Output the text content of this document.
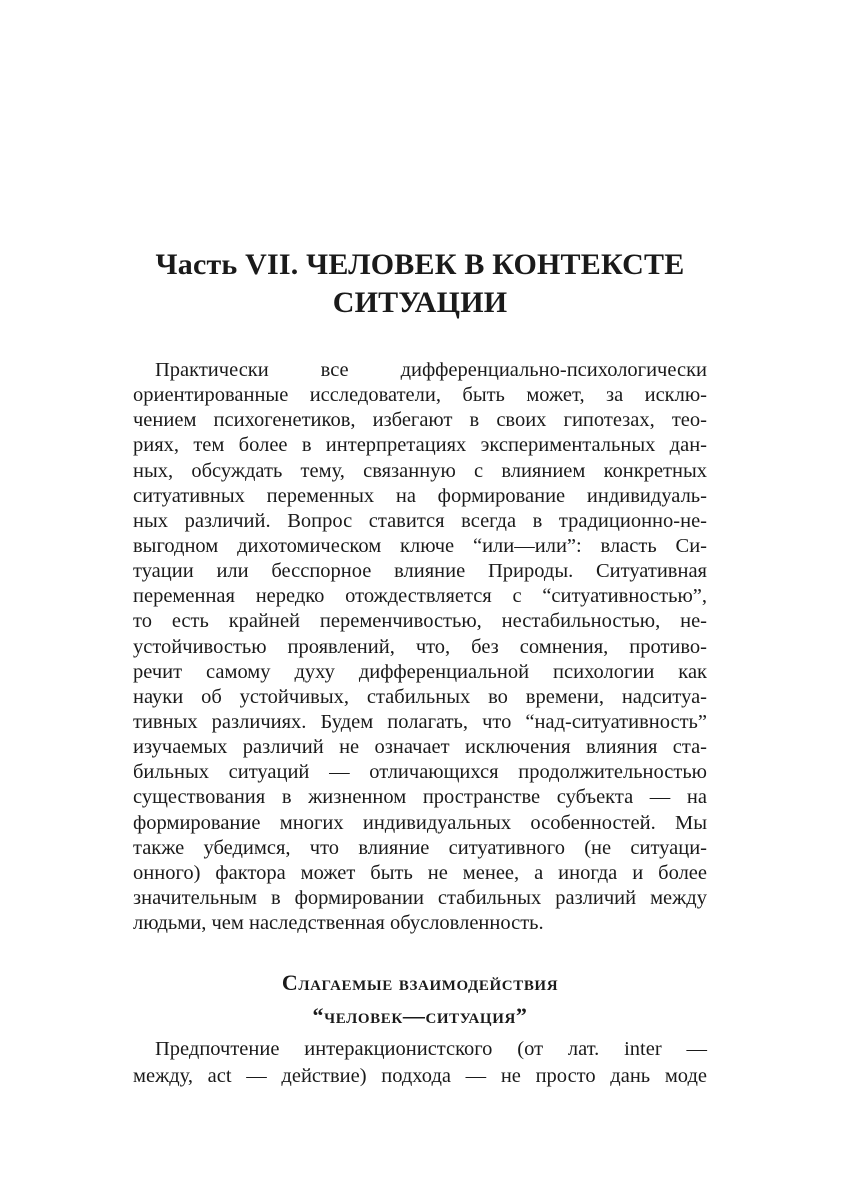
Часть VII. ЧЕЛОВЕК В КОНТЕКСТЕ
СИТУАЦИИ
Практически все дифференциально-психологически
ориентированные исследователи, быть может, за исклю-
чением психогенетиков, избегают в своих гипотезах, тео-
риях, тем более в интерпретациях экспериментальных дан-
ных, обсуждать тему, связанную с влиянием конкретных
ситуативных переменных на формирование индивидуаль-
ных различий. Вопрос ставится всегда в традиционно-не-
выгодном дихотомическом ключе “или—или”: власть Си-
туации или бесспорное влияние Природы. Ситуативная
переменная нередко отождествляется с “ситуативностью”,
то есть крайней переменчивостью, нестабильностью, не-
устойчивостью проявлений, что, без сомнения, противо-
речит самому духу дифференциальной психологии как
науки об устойчивых, стабильных во времени, надситуа-
тивных различиях. Будем полагать, что “над-ситуативность”
изучаемых различий не означает исключения влияния ста-
бильных ситуаций — отличающихся продолжительностью
существования в жизненном пространстве субъекта — на
формирование многих индивидуальных особенностей. Мы
также убедимся, что влияние ситуативного (не ситуаци-
онного) фактора может быть не менее, а иногда и более
значительным в формировании стабильных различий между
людьми, чем наследственная обусловленность.
Слагаемые взаимодействия
“человек—ситуация”
Предпочтение интеракционистского (от лат. inter —
между, act — действие) подхода — не просто дань моде
